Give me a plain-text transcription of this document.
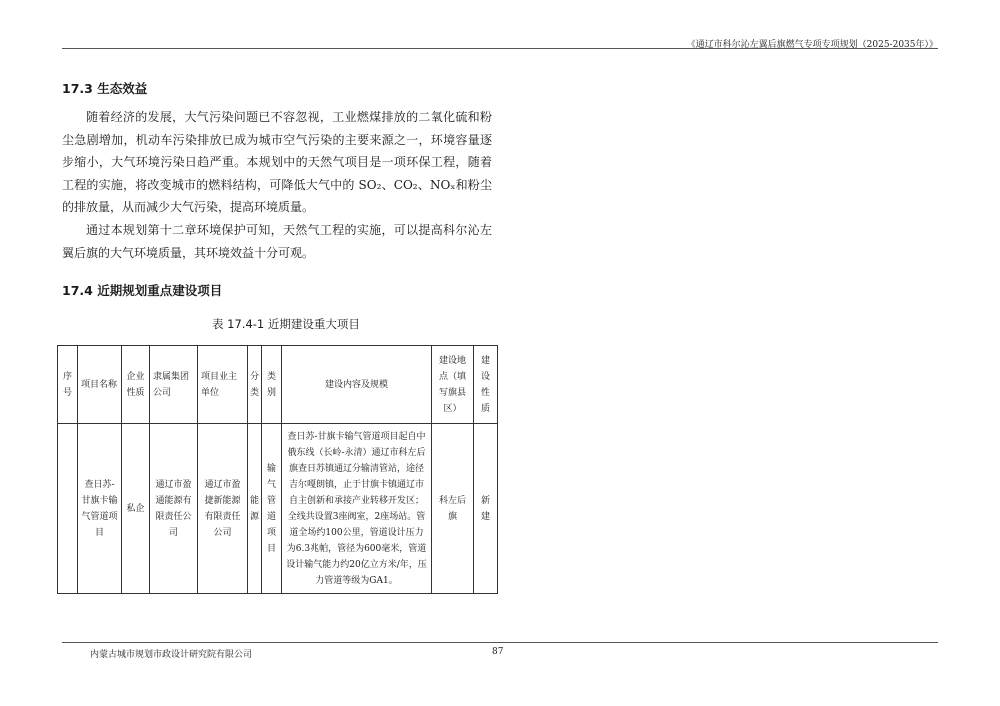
《通辽市科尔沁左翼后旗燃气专项专项规划（2025-2035年）》
17.3 生态效益

随着经济的发展，大气污染问题已不容忽视，工业燃煤排放的二氧化硫和粉尘急剧增加，机动车污染排放已成为城市空气污染的主要来源之一，环境容量逐步缩小，大气环境污染日趋严重。本规划中的天然气项目是一项环保工程，随着工程的实施，将改变城市的燃料结构，可降低大气中的 SO₂、CO₂、NOₓ和粉尘的排放量，从而减少大气污染，提高环境质量。

通过本规划第十二章环境保护可知，天然气工程的实施，可以提高科尔沁左翼后旗的大气环境质量，其环境效益十分可观。

17.4 近期规划重点建设项目
表 17.4-1 近期建设重大项目
序号	项目名称	企业性质	隶属集团公司	项目业主单位	分类	类别	建设内容及规模	建设地点（填写旗县区）	建设性质

	查日苏-甘旗卡输气管道项目	私企	通辽市盈通能源有限责任公司	通辽市盈捷新能源有限责任公司	能源	输气管道项目	查日苏-甘旗卡输气管道项目起自中俄东线（长岭-永清）通辽市科左后旗查日苏镇通辽分输清管站，途径吉尔嘎朗镇，止于甘旗卡镇通辽市自主创新和承接产业转移开发区；全线共设置3座阀室，2座场站。管道全场约100公里，管道设计压力为6.3兆帕，管径为600毫米，管道设计输气能力约20亿立方米/年，压力管道等级为GA1。	科左后旗	新建
内蒙古城市规划市政设计研究院有限公司	87
